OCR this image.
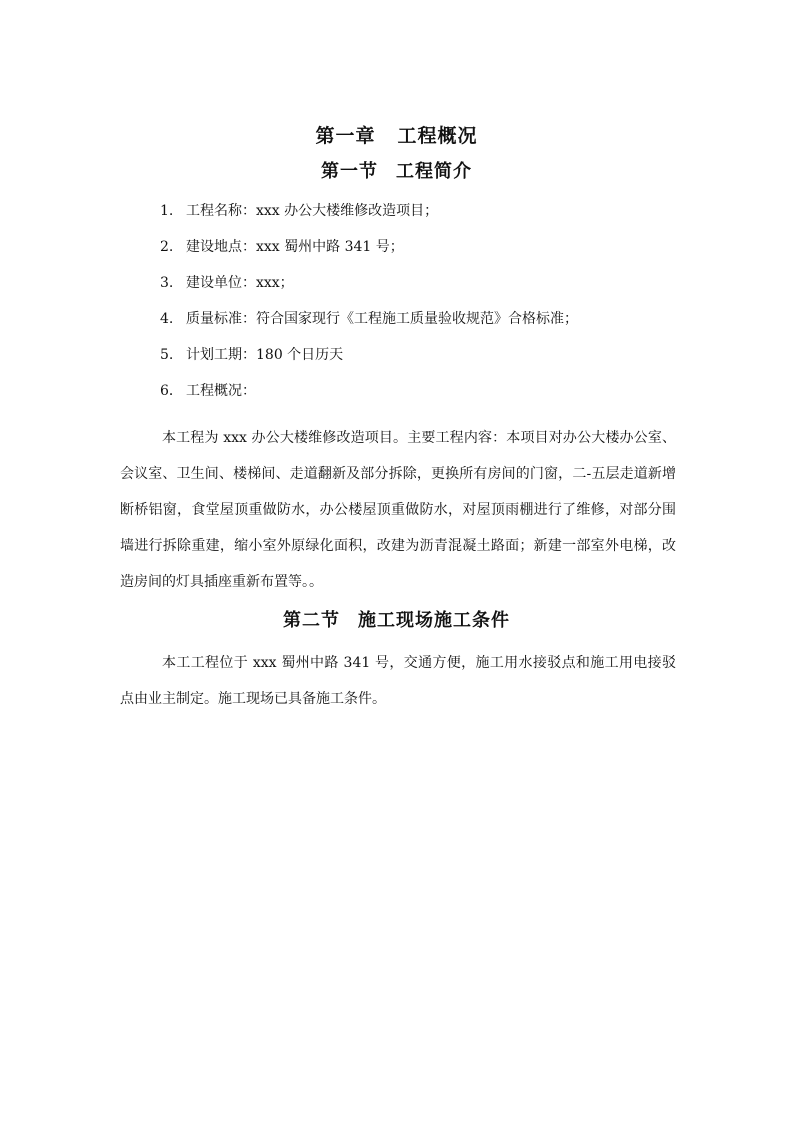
第一章 工程概况
第一节 工程简介
1. 工程名称：xxx 办公大楼维修改造项目；
2. 建设地点：xxx 蜀州中路 341 号；
3. 建设单位：xxx；
4. 质量标准：符合国家现行《工程施工质量验收规范》合格标准；
5. 计划工期：180 个日历天
6． 工程概况：

本工程为 xxx 办公大楼维修改造项目。主要工程内容：本项目对办公大楼办公室、会议室、卫生间、楼梯间、走道翻新及部分拆除，更换所有房间的门窗，二-五层走道新增断桥铝窗，食堂屋顶重做防水，办公楼屋顶重做防水，对屋顶雨棚进行了维修，对部分围墙进行拆除重建，缩小室外原绿化面积，改建为沥青混凝土路面；新建一部室外电梯，改造房间的灯具插座重新布置等。。

第二节 施工现场施工条件

本工工程位于 xxx 蜀州中路 341 号，交通方便，施工用水接驳点和施工用电接驳点由业主制定。施工现场已具备施工条件。
